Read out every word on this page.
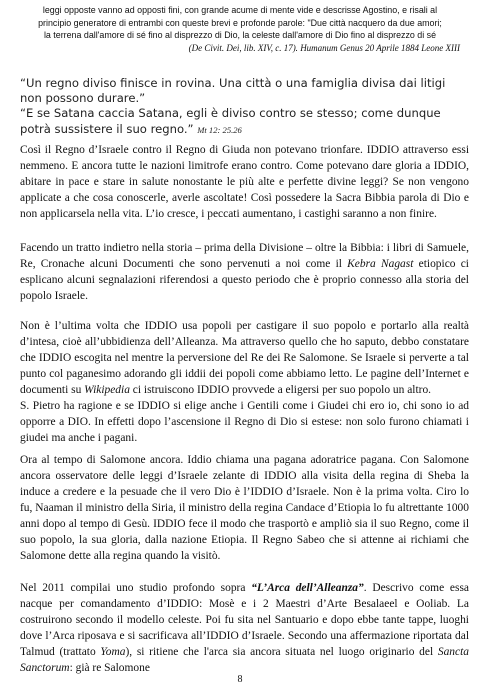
leggi opposte vanno ad opposti fini, con grande acume di mente vide e descrisse Agostino, e risali al

principio generatore di entrambi con queste brevi e profonde parole: "Due città nacquero da due amori;

la terrena dall'amore di sé fino al disprezzo di Dio, la celeste dall'amore di Dio fino al disprezzo di sé

(De Civit. Dei, lib. XIV, c. 17). Humanum Genus 20 Aprile 1884 Leone XIII

“Un regno diviso finisce in rovina. Una città o una famiglia divisa dai litigi non possono durare.”

“E se Satana caccia Satana, egli è diviso contro se stesso; come dunque potrà sussistere il suo regno.” Mt 12: 25.26

Così il Regno d’Israele contro il Regno di Giuda non potevano trionfare. IDDIO attraverso essi nemmeno. E ancora tutte le nazioni limitrofe erano contro. Come potevano dare gloria a IDDIO, abitare in pace e stare in salute nonostante le più alte e perfette divine leggi? Se non vengono applicate a che cosa conoscerle, averle ascoltate! Così possedere la Sacra Bibbia parola di Dio e non applicarsela nella vita. L’io cresce, i peccati aumentano, i castighi saranno a non finire.

Facendo un tratto indietro nella storia – prima della Divisione – oltre la Bibbia: i libri di Samuele, Re, Cronache alcuni Documenti che sono pervenuti a noi come il Kebra Nagast etiopico ci esplicano alcuni segnalazioni riferendosi a questo periodo che è proprio connesso alla storia del popolo Israele.

Non è l’ultima volta che IDDIO usa popoli per castigare il suo popolo e portarlo alla realtà d’intesa, cioè all’ubbidienza dell’Alleanza. Ma attraverso quello che ho saputo, debbo constatare che IDDIO escogita nel mentre la perversione del Re dei Re Salomone. Se Israele si perverte a tal punto col paganesimo adorando gli iddii dei popoli come abbiamo letto. Le pagine dell’Internet e documenti su Wikipedia ci istruiscono IDDIO provvede a eligersi per suo popolo un altro.

S. Pietro ha ragione e se IDDIO si elige anche i Gentili come i Giudei chi ero io, chi sono io ad opporre a DIO. In effetti dopo l’ascensione il Regno di Dio si estese: non solo furono chiamati i giudei ma anche i pagani.

Ora al tempo di Salomone ancora. Iddio chiama una pagana adoratrice pagana. Con Salomone ancora osservatore delle leggi d’Israele zelante di IDDIO alla visita della regina di Sheba la induce a credere e la pesuade che il vero Dio è l’IDDIO d’Israele. Non è la prima volta. Ciro lo fu, Naaman il ministro della Siria, il ministro della regina Candace d’Etiopia lo fu altrettante 1000 anni dopo al tempo di Gesù. IDDIO fece il modo che trasportò e ampliò sia il suo Regno, come il suo popolo, la sua gloria, dalla nazione Etiopia. Il Regno Sabeo che si attenne ai richiami che Salomone dette alla regina quando la visitò.

Nel 2011 compilai uno studio profondo sopra “L’Arca dell’Alleanza”. Descrivo come essa nacque per comandamento d’IDDIO: Mosè e i 2 Maestri d’Arte Besalaeel e Ooliab. La costruirono secondo il modello celeste. Poi fu sita nel Santuario e dopo ebbe tante tappe, luoghi dove l’Arca riposava e si sacrificava all’IDDIO d’Israele. Secondo una affermazione riportata dal Talmud (trattato Yoma), si ritiene che l'arca sia ancora situata nel luogo originario del Sancta Sanctorum: già re Salomone

8
